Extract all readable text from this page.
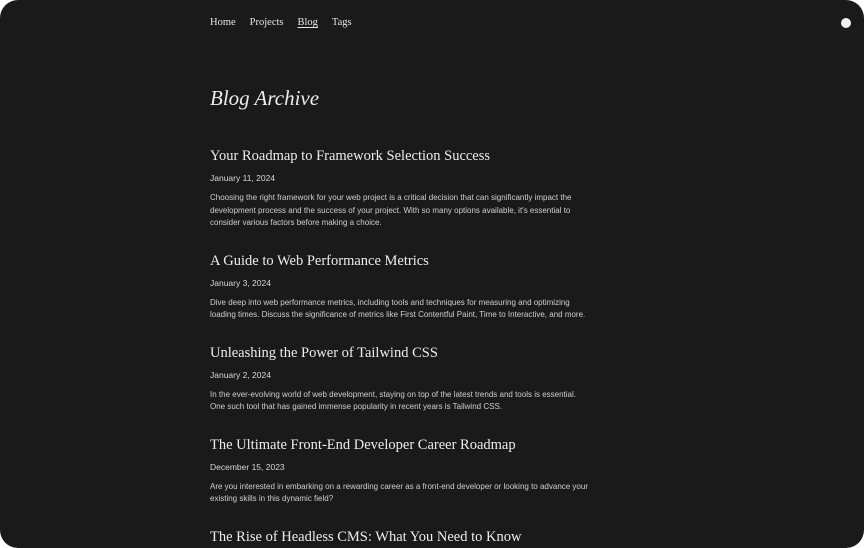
Home Projects Blog Tags
Blog Archive
Your Roadmap to Framework Selection Success
January 11, 2024

Choosing the right framework for your web project is a critical decision that can significantly impact the development process and the success of your project. With so many options available, it's essential to consider various factors before making a choice.

A Guide to Web Performance Metrics
January 3, 2024

Dive deep into web performance metrics, including tools and techniques for measuring and optimizing loading times. Discuss the significance of metrics like First Contentful Paint, Time to Interactive, and more.

Unleashing the Power of Tailwind CSS
January 2, 2024

In the ever-evolving world of web development, staying on top of the latest trends and tools is essential. One such tool that has gained immense popularity in recent years is Tailwind CSS.

The Ultimate Front-End Developer Career Roadmap
December 15, 2023

Are you interested in embarking on a rewarding career as a front-end developer or looking to advance your existing skills in this dynamic field?

The Rise of Headless CMS: What You Need to Know
